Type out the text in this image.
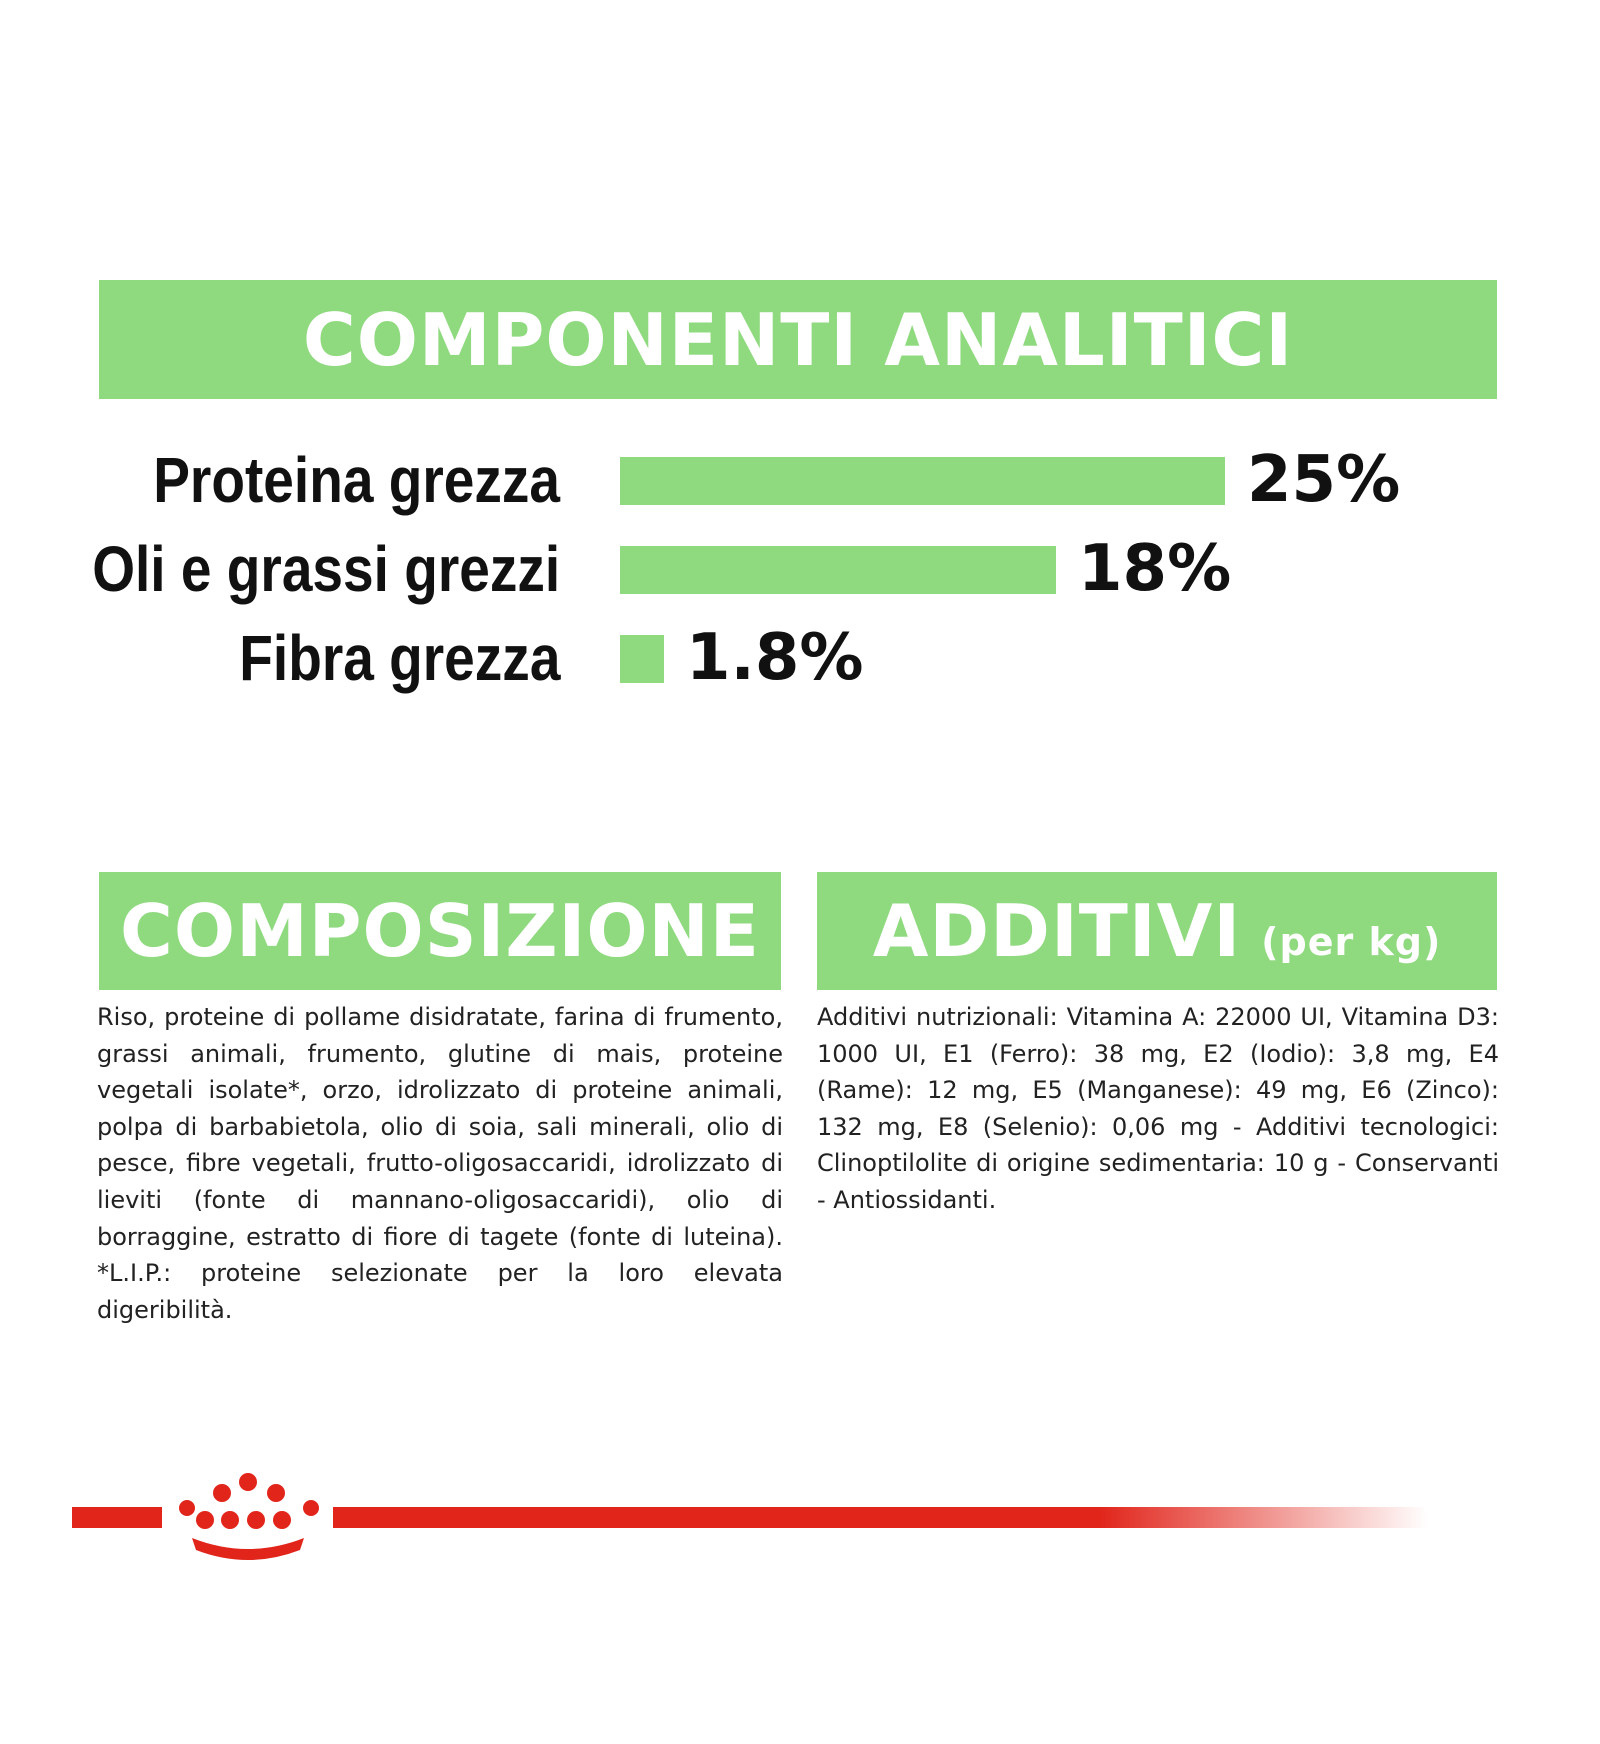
COMPONENTI ANALITICI
Proteina grezza	25%
Oli e grassi grezzi	18%
Fibra grezza 1.8%
COMPOSIZIONE
Riso, proteine di pollame disidratate, farina di frumento, grassi animali, frumento, glutine di mais, proteine vegetali isolate*, orzo, idrolizzato di proteine animali, polpa di barbabietola, olio di soia, sali minerali, olio di pesce, fibre vegetali, frutto-oligosaccaridi, idrolizzato di lieviti (fonte di mannano-oligosaccaridi), olio di borraggine, estratto di fiore di tagete (fonte di luteina). *L.I.P.: proteine selezionate per la loro elevata digeribilità.
ADDITIVI (per kg)
Additivi nutrizionali: Vitamina A: 22000 UI, Vitamina D3: 1000 UI, E1 (Ferro): 38 mg, E2 (Iodio): 3,8 mg, E4 (Rame): 12 mg, E5 (Manganese): 49 mg, E6 (Zinco): 132 mg, E8 (Selenio): 0,06 mg - Additivi tecnologici: Clinoptilolite di origine sedimentaria: 10 g - Conservanti - Antiossidanti.
